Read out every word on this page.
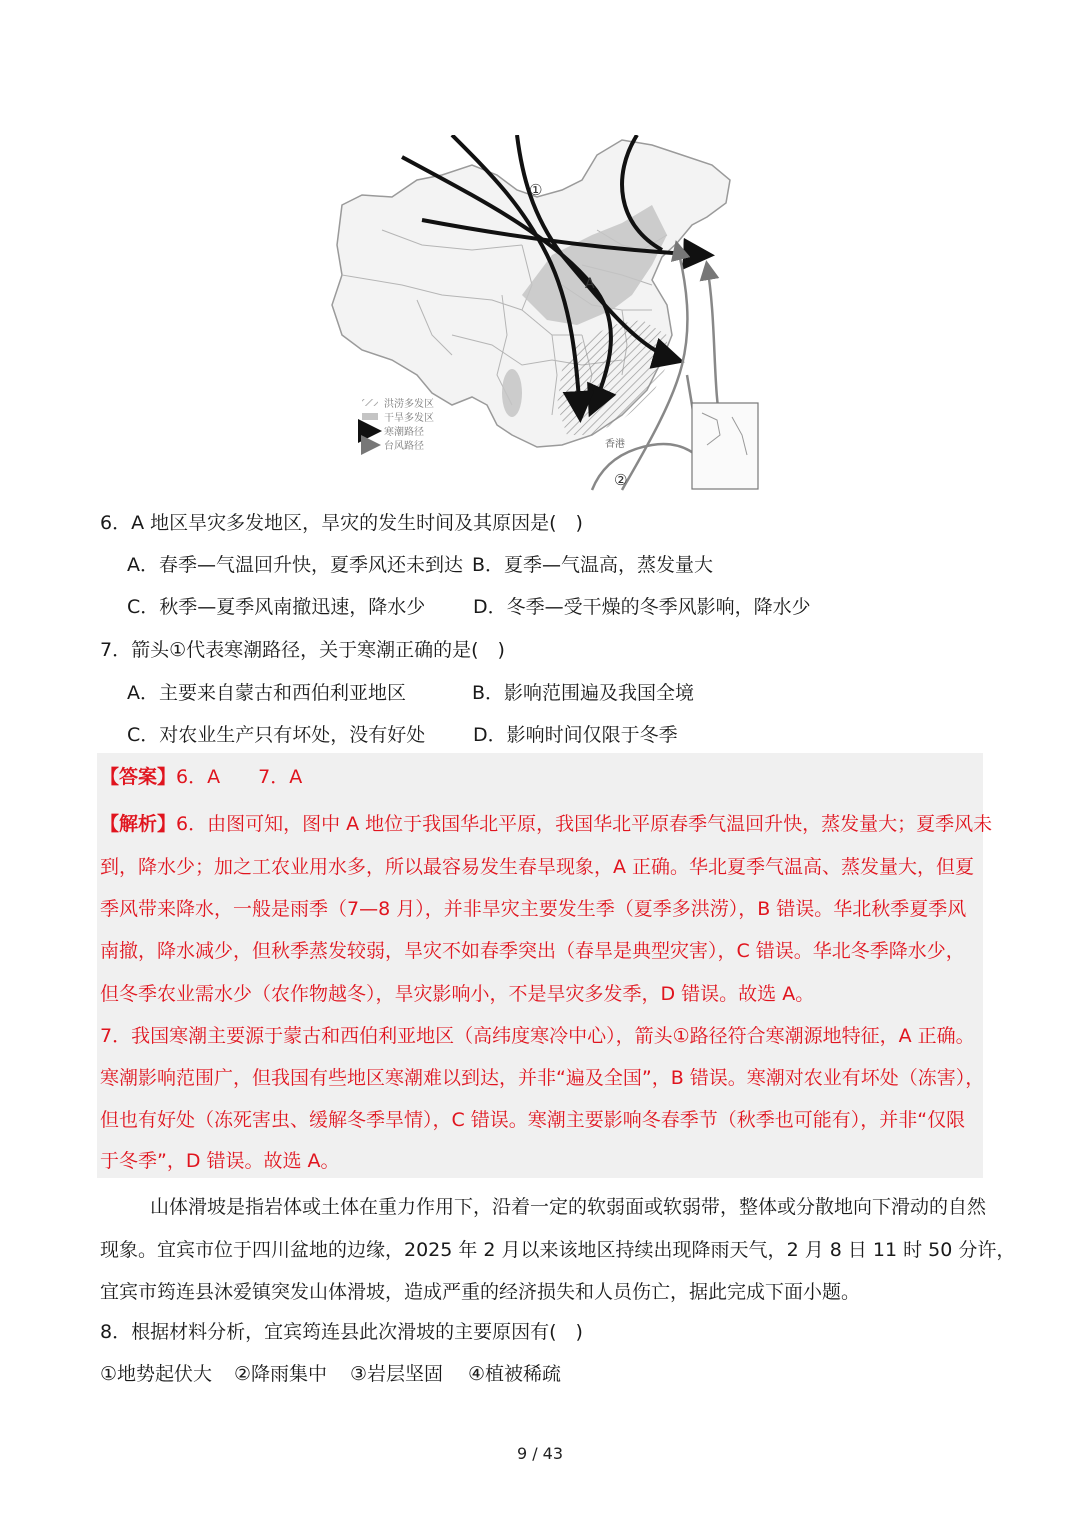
A
①
②
香港
洪涝多发区
干旱多发区
寒潮路径
台风路径
6．A 地区旱灾多发地区，旱灾的发生时间及其原因是(　)
A．春季—气温回升快，夏季风还未到达 B．夏季—气温高，蒸发量大
C．秋季—夏季风南撤迅速，降水少	D．冬季—受干燥的冬季风影响，降水少
7．箭头①代表寒潮路径，关于寒潮正确的是(　)
A．主要来自蒙古和西伯利亚地区	B．影响范围遍及我国全境
C．对农业生产只有坏处，没有好处	D．影响时间仅限于冬季
【答案】6．A　　7．A
【解析】6．由图可知，图中 A 地位于我国华北平原，我国华北平原春季气温回升快，蒸发量大；夏季风未
到，降水少；加之工农业用水多，所以最容易发生春旱现象，A 正确。华北夏季气温高、蒸发量大，但夏
季风带来降水，一般是雨季（7—8 月），并非旱灾主要发生季（夏季多洪涝），B 错误。华北秋季夏季风
南撤，降水减少，但秋季蒸发较弱，旱灾不如春季突出（春旱是典型灾害），C 错误。华北冬季降水少，
但冬季农业需水少（农作物越冬），旱灾影响小，不是旱灾多发季，D 错误。故选 A。
7．我国寒潮主要源于蒙古和西伯利亚地区（高纬度寒冷中心），箭头①路径符合寒潮源地特征，A 正确。
寒潮影响范围广，但我国有些地区寒潮难以到达，并非“遍及全国”，B 错误。寒潮对农业有坏处（冻害），
但也有好处（冻死害虫、缓解冬季旱情），C 错误。寒潮主要影响冬春季节（秋季也可能有），并非“仅限
于冬季”，D 错误。故选 A。
山体滑坡是指岩体或土体在重力作用下，沿着一定的软弱面或软弱带，整体或分散地向下滑动的自然
现象。宜宾市位于四川盆地的边缘，2025 年 2 月以来该地区持续出现降雨天气，2 月 8 日 11 时 50 分许，
宜宾市筠连县沐爱镇突发山体滑坡，造成严重的经济损失和人员伤亡，据此完成下面小题。
8．根据材料分析，宜宾筠连县此次滑坡的主要原因有(　)
①地势起伏大 ②降雨集中 ③岩层坚固 ④植被稀疏
9 / 43
